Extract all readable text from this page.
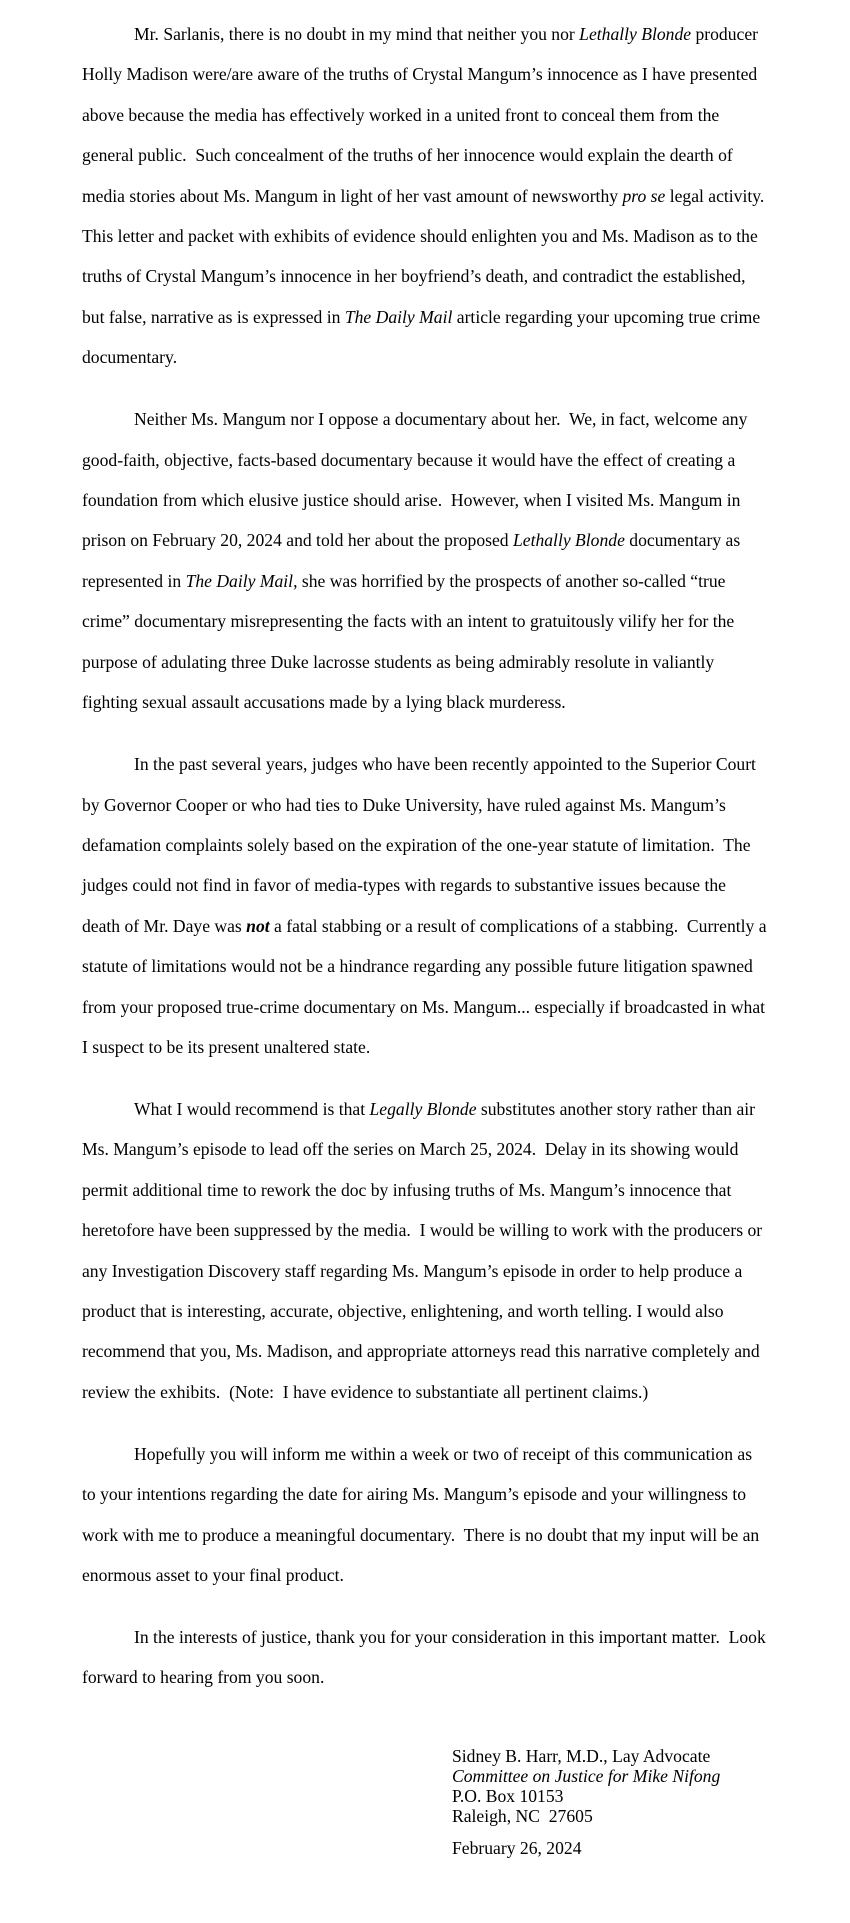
Mr. Sarlanis, there is no doubt in my mind that neither you nor Lethally Blonde producer
Holly Madison were/are aware of the truths of Crystal Mangum’s innocence as I have presented
above because the media has effectively worked in a united front to conceal them from the
general public.  Such concealment of the truths of her innocence would explain the dearth of
media stories about Ms. Mangum in light of her vast amount of newsworthy pro se legal activity.
This letter and packet with exhibits of evidence should enlighten you and Ms. Madison as to the
truths of Crystal Mangum’s innocence in her boyfriend’s death, and contradict the established,
but false, narrative as is expressed in The Daily Mail article regarding your upcoming true crime
documentary.
Neither Ms. Mangum nor I oppose a documentary about her.  We, in fact, welcome any
good-faith, objective, facts-based documentary because it would have the effect of creating a
foundation from which elusive justice should arise.  However, when I visited Ms. Mangum in
prison on February 20, 2024 and told her about the proposed Lethally Blonde documentary as
represented in The Daily Mail, she was horrified by the prospects of another so-called “true
crime” documentary misrepresenting the facts with an intent to gratuitously vilify her for the
purpose of adulating three Duke lacrosse students as being admirably resolute in valiantly
fighting sexual assault accusations made by a lying black murderess.
In the past several years, judges who have been recently appointed to the Superior Court
by Governor Cooper or who had ties to Duke University, have ruled against Ms. Mangum’s
defamation complaints solely based on the expiration of the one-year statute of limitation.  The
judges could not find in favor of media-types with regards to substantive issues because the
death of Mr. Daye was not a fatal stabbing or a result of complications of a stabbing.  Currently a
statute of limitations would not be a hindrance regarding any possible future litigation spawned
from your proposed true-crime documentary on Ms. Mangum... especially if broadcasted in what
I suspect to be its present unaltered state.
What I would recommend is that Legally Blonde substitutes another story rather than air
Ms. Mangum’s episode to lead off the series on March 25, 2024.  Delay in its showing would
permit additional time to rework the doc by infusing truths of Ms. Mangum’s innocence that
heretofore have been suppressed by the media.  I would be willing to work with the producers or
any Investigation Discovery staff regarding Ms. Mangum’s episode in order to help produce a
product that is interesting, accurate, objective, enlightening, and worth telling. I would also
recommend that you, Ms. Madison, and appropriate attorneys read this narrative completely and
review the exhibits.  (Note:  I have evidence to substantiate all pertinent claims.)
Hopefully you will inform me within a week or two of receipt of this communication as
to your intentions regarding the date for airing Ms. Mangum’s episode and your willingness to
work with me to produce a meaningful documentary.  There is no doubt that my input will be an
enormous asset to your final product.
In the interests of justice, thank you for your consideration in this important matter.  Look
forward to hearing from you soon.
Sidney B. Harr, M.D., Lay Advocate
Committee on Justice for Mike Nifong
P.O. Box 10153
Raleigh, NC  27605
February 26, 2024
